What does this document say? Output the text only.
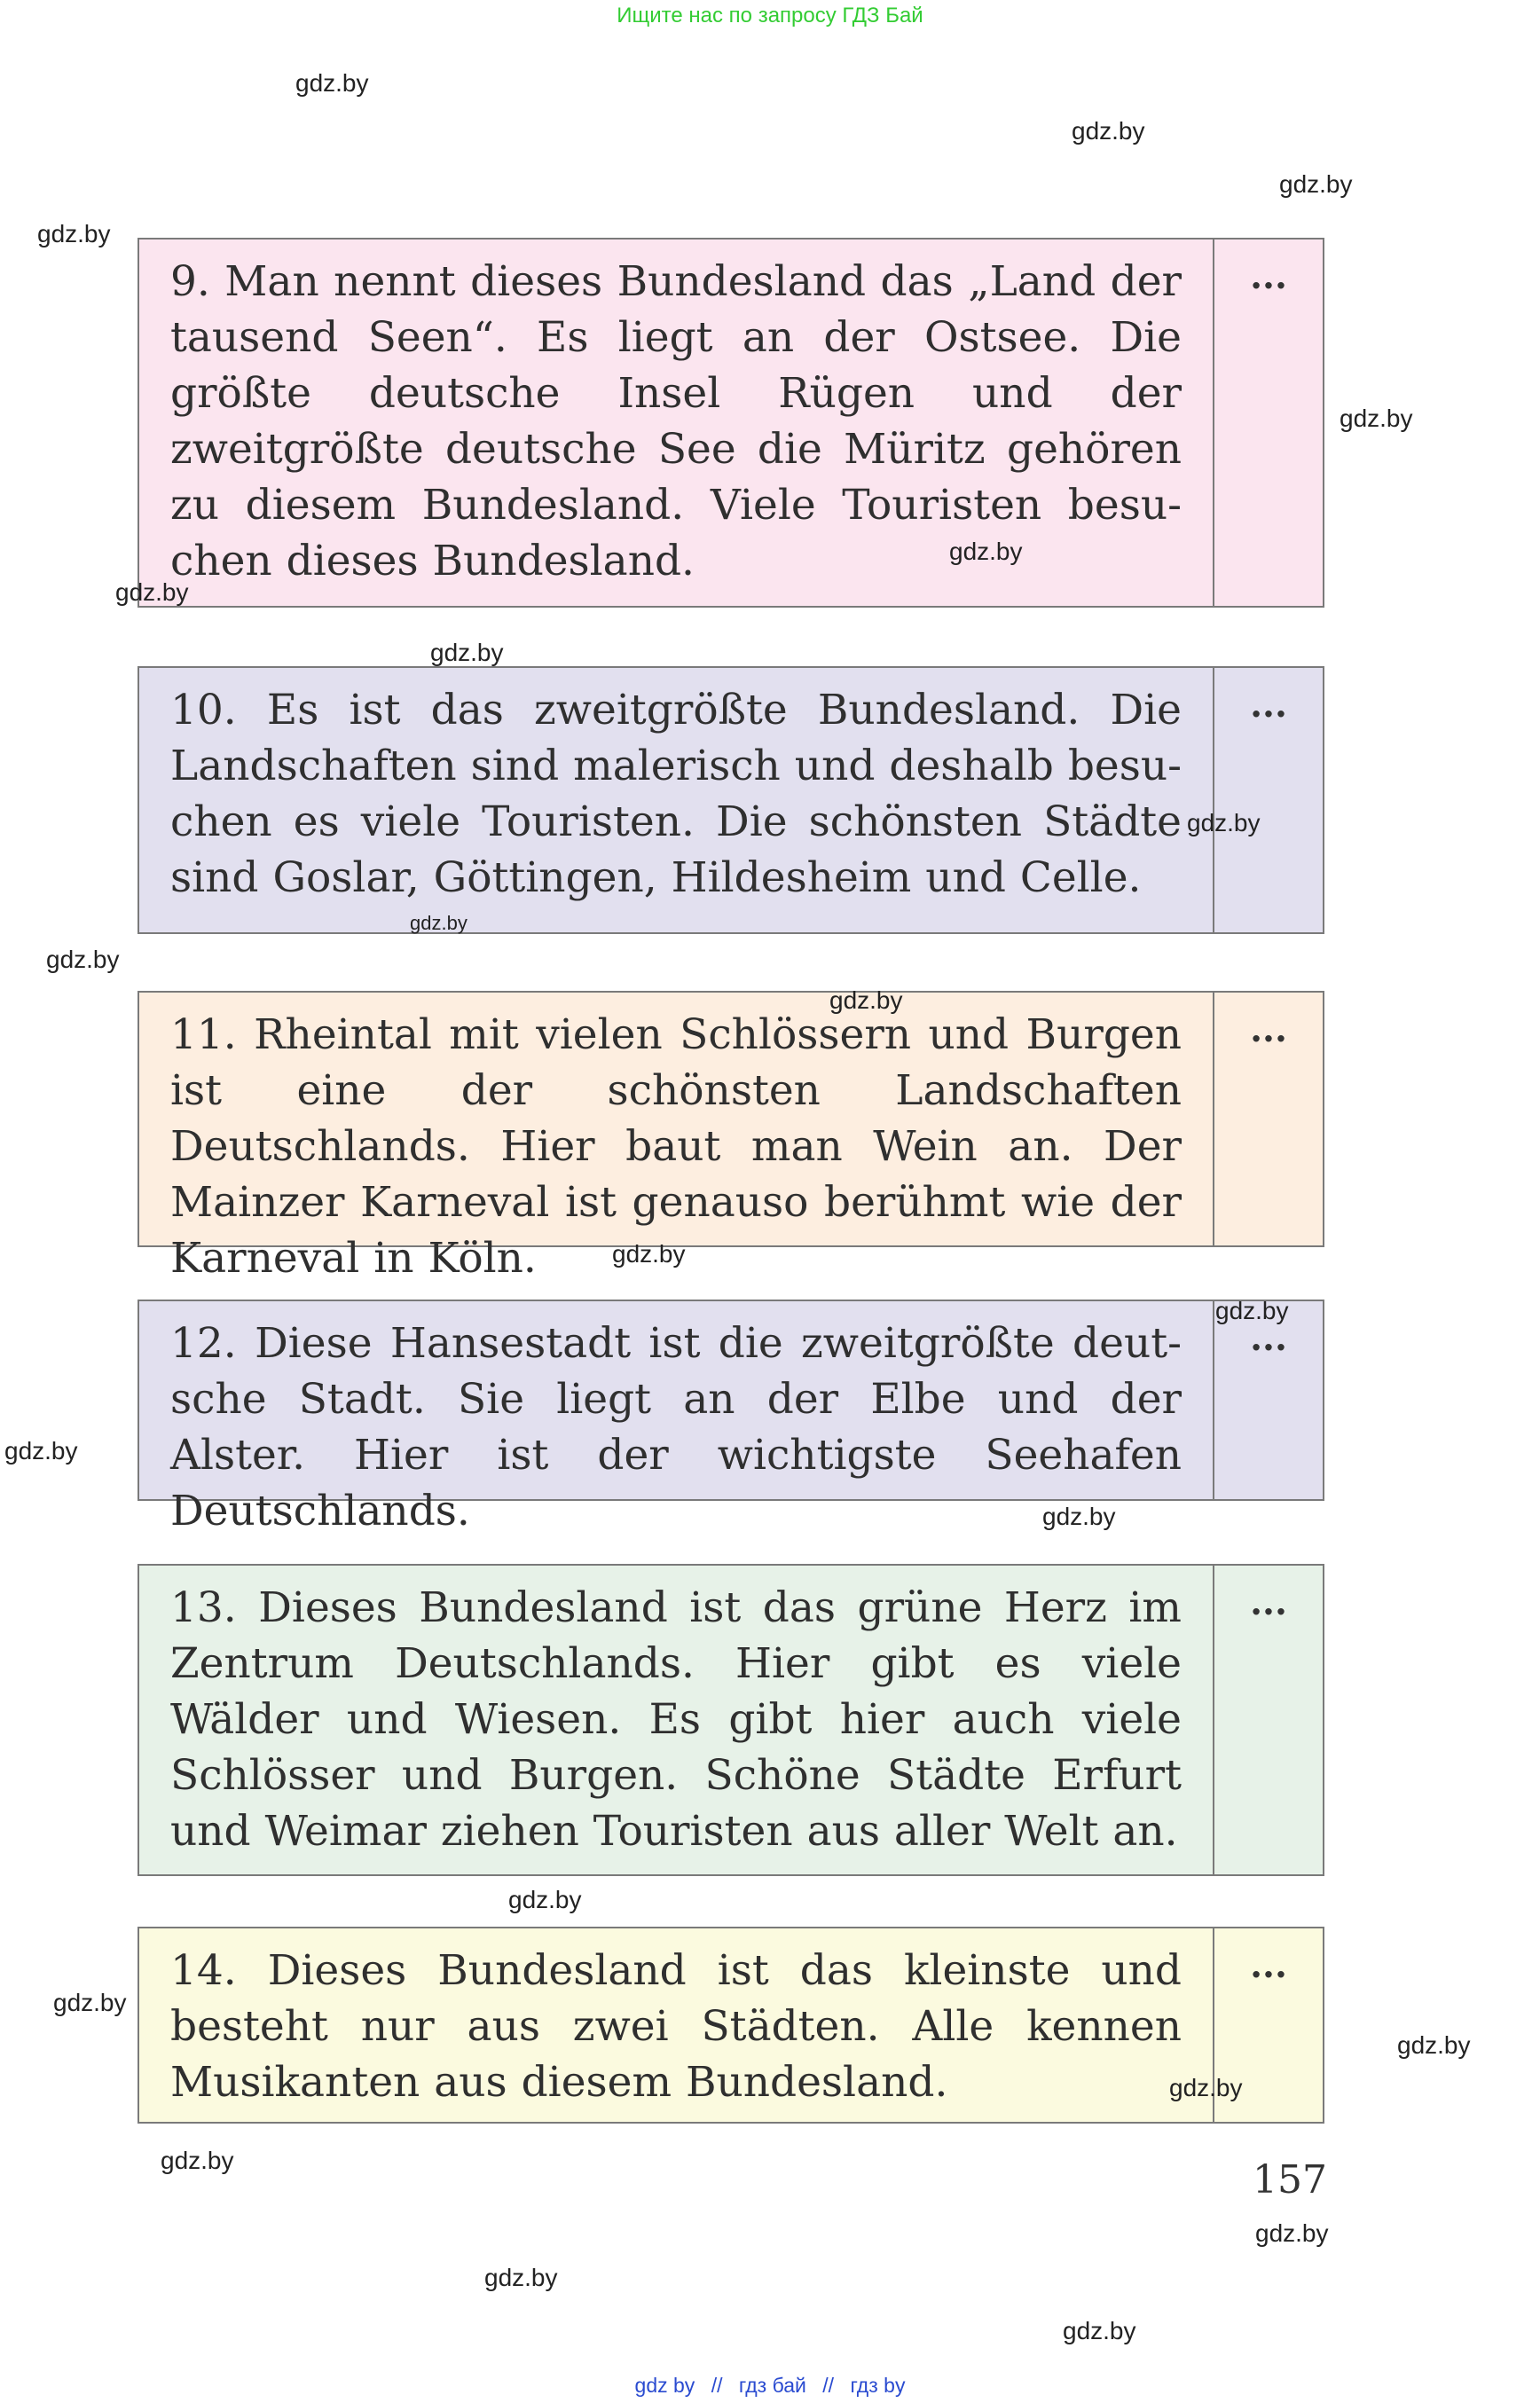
Ищите нас по запросу ГДЗ Бай
9. Man nennt dieses Bundesland das „Land der tausend Seen“. Es liegt an der Ostsee. Die größte deutsche Insel Rügen und der zweitgrößte deutsche See die Müritz gehören zu diesem Bundesland. Viele Touristen besuchen dieses Bundesland.
...
10. Es ist das zweitgrößte Bundesland. Die Landschaften sind malerisch und deshalb besuchen es viele Touristen. Die schönsten Städte sind Goslar, Göttingen, Hildesheim und Celle.
...
11. Rheintal mit vielen Schlössern und Burgen ist eine der schönsten Landschaften Deutschlands. Hier baut man Wein an. Der Mainzer Karneval ist genauso berühmt wie der Karneval in Köln.
...
12. Diese Hansestadt ist die zweitgrößte deutsche Stadt. Sie liegt an der Elbe und der Alster. Hier ist der wichtigste Seehafen Deutschlands.
...
13. Dieses Bundesland ist das grüne Herz im Zentrum Deutschlands. Hier gibt es viele Wälder und Wiesen. Es gibt hier auch viele Schlösser und Burgen. Schöne Städte Erfurt und Weimar ziehen Touristen aus aller Welt an.
...
14. Dieses Bundesland ist das kleinste und besteht nur aus zwei Städten. Alle kennen Musikanten aus diesem Bundesland.
...
gdz.by
gdz.by
gdz.by
gdz.by
gdz.by
gdz.by
gdz.by
gdz.by
gdz.by
gdz.by
gdz.by
gdz.by
gdz.by
gdz.by
gdz.by
gdz.by
gdz.by
gdz.by
gdz.by
gdz.by
gdz.by
gdz.by
gdz.by
gdz.by
157
gdz by // гдз бай // гдз by
